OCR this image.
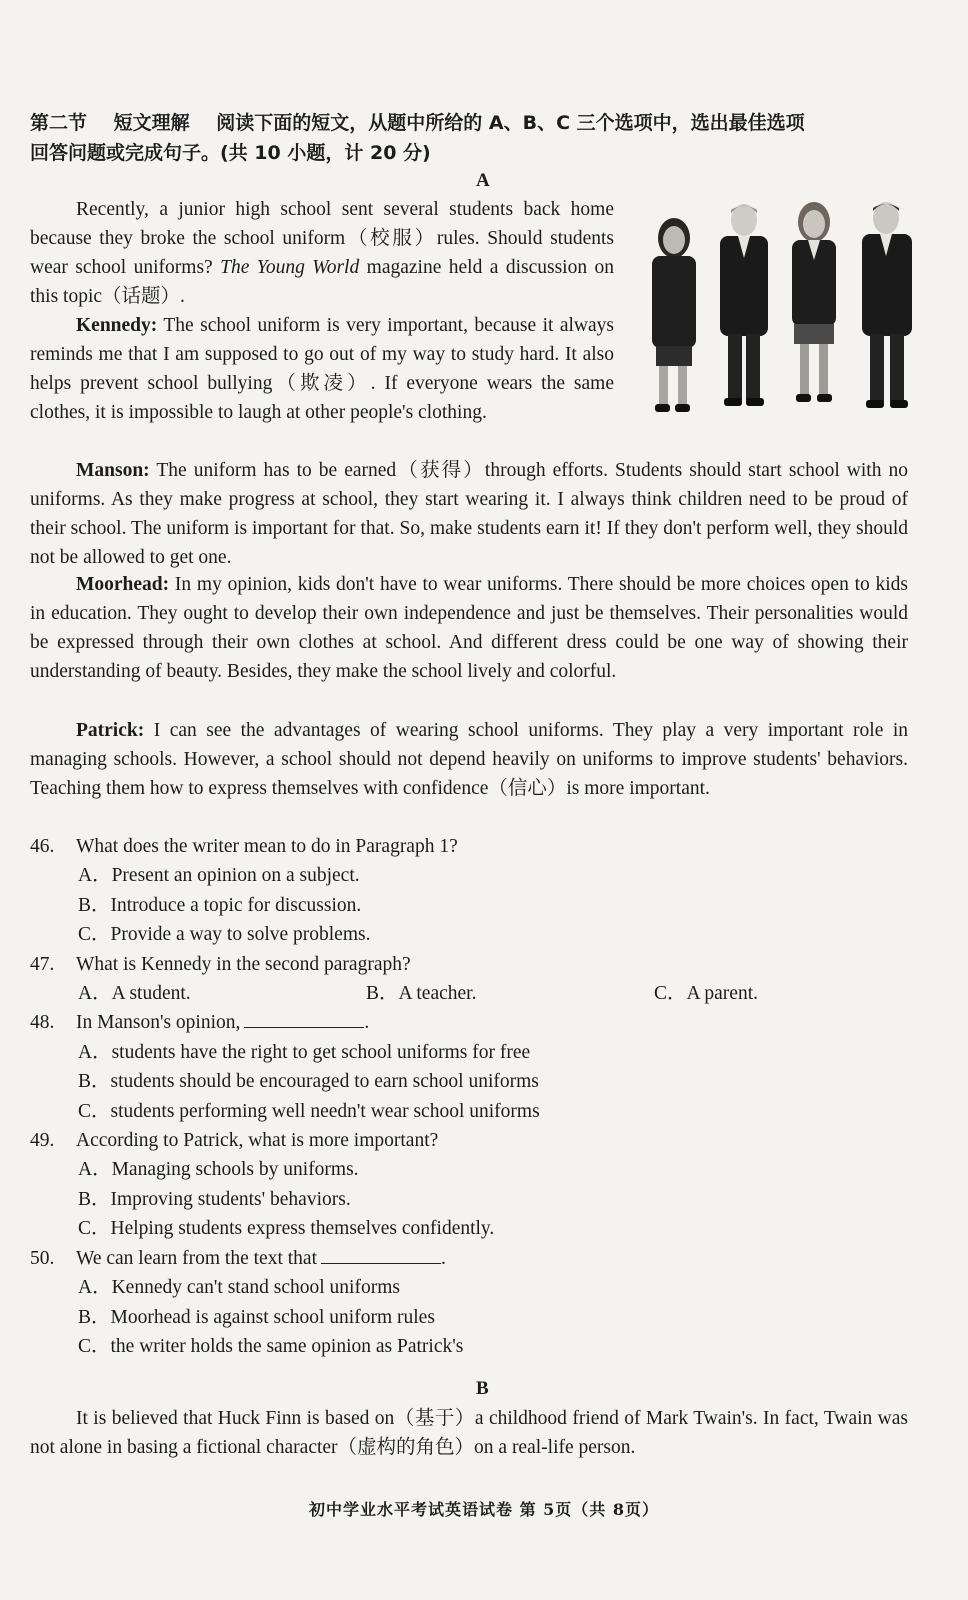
第二节 短文理解 阅读下面的短文，从题中所给的 A、B、C 三个选项中，选出最佳选项
回答问题或完成句子。(共 10 小题，计 20 分)
A
Recently, a junior high school sent several students back home because they broke the school uniform（校服）rules. Should students wear school uniforms? The Young World magazine held a discussion on this topic（话题）.
Kennedy: The school uniform is very important, because it always reminds me that I am supposed to go out of my way to study hard. It also helps prevent school bullying（欺凌）. If everyone wears the same clothes, it is impossible to laugh at other people's clothing.
Manson: The uniform has to be earned（获得）through efforts. Students should start school with no uniforms. As they make progress at school, they start wearing it. I always think children need to be proud of their school. The uniform is important for that. So, make students earn it! If they don't perform well, they should not be allowed to get one.
Moorhead: In my opinion, kids don't have to wear uniforms. There should be more choices open to kids in education. They ought to develop their own independence and just be themselves. Their personalities would be expressed through their own clothes at school. And different dress could be one way of showing their understanding of beauty. Besides, they make the school lively and colorful.
Patrick: I can see the advantages of wearing school uniforms. They play a very important role in managing schools. However, a school should not depend heavily on uniforms to improve students' behaviors. Teaching them how to express themselves with confidence（信心）is more important.
46. What does the writer mean to do in Paragraph 1?
A．Present an opinion on a subject.
B．Introduce a topic for discussion.
C．Provide a way to solve problems.
47. What is Kennedy in the second paragraph?
A．A student.	B．A teacher.	C．A parent.
48. In Manson's opinion,	.
A．students have the right to get school uniforms for free
B．students should be encouraged to earn school uniforms
C．students performing well needn't wear school uniforms
49. According to Patrick, what is more important?
A．Managing schools by uniforms.
B．Improving students' behaviors.
C．Helping students express themselves confidently.
50. We can learn from the text that	.
A．Kennedy can't stand school uniforms
B．Moorhead is against school uniform rules
C．the writer holds the same opinion as Patrick's
B
It is believed that Huck Finn is based on（基于）a childhood friend of Mark Twain's. In fact, Twain was not alone in basing a fictional character（虚构的角色）on a real-life person.
初中学业水平考试英语试卷 第 5页（共 8页）
